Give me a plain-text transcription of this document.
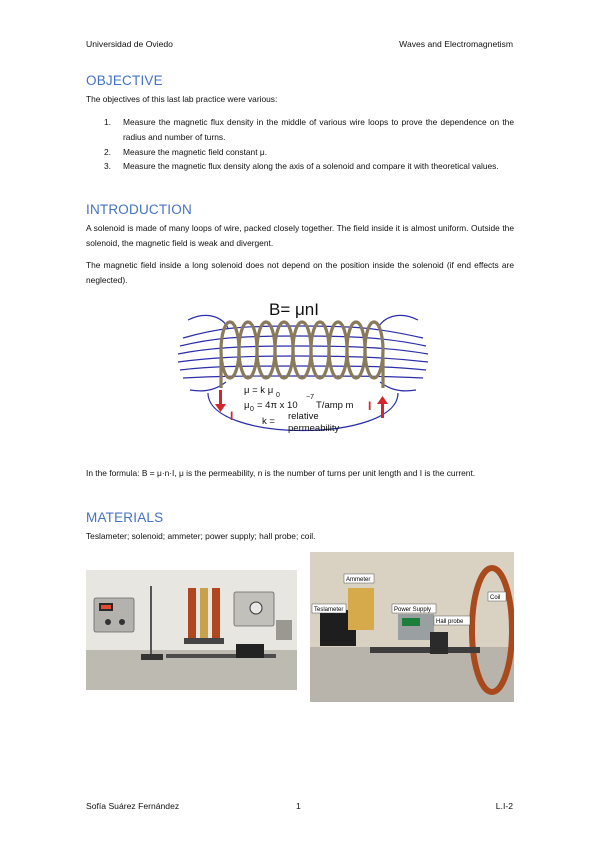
Universidad de Oviedo	Waves and Electromagnetism
OBJECTIVE
The objectives of this last lab practice were various:
1. Measure the magnetic flux density in the middle of various wire loops to prove the dependence on the radius and number of turns.
2. Measure the magnetic field constant μ.
3. Measure the magnetic flux density along the axis of a solenoid and compare it with theoretical values.
INTRODUCTION
A solenoid is made of many loops of wire, packed closely together. The field inside it is almost uniform. Outside the solenoid, the magnetic field is weak and divergent.
The magnetic field inside a long solenoid does not depend on the position inside the solenoid (if end effects are neglected).
I
I
B= μnI
μ = k μ 0
μ 0 = 4π x 10
−7
T/amp m
k = relative
permeability
In the formula: B = μ·n·I, μ is the permeability, n is the number of turns per unit length and I is the current.
MATERIALS
Teslameter; solenoid; ammeter; power supply; hall probe; coil.
Ammeter
Teslameter	Power Supply
Hall probe
Coil
Sofía Suárez Fernández	1	L.I-2
